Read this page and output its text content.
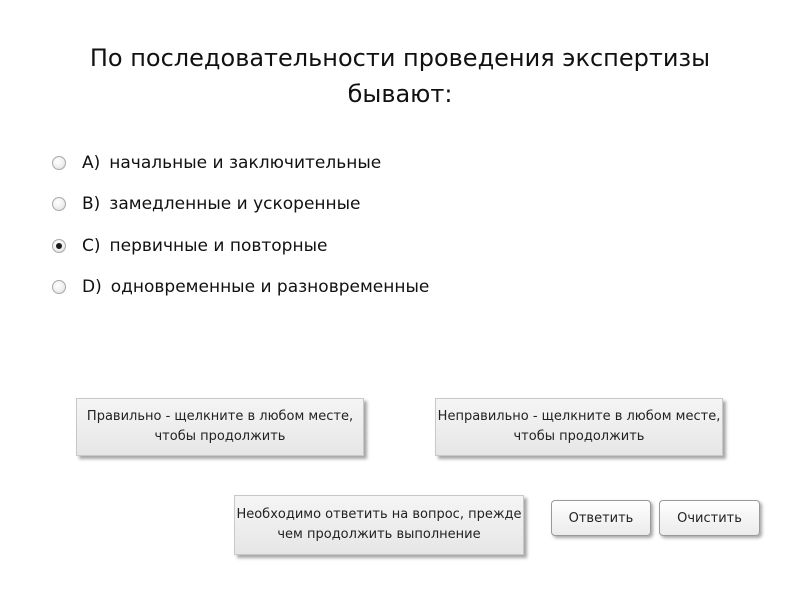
По последовательности проведения экспертизы бывают:
A) начальные и заключительные
B) замедленные и ускоренные
C) первичные и повторные
D) одновременные и разновременные
Правильно - щелкните в любом месте, чтобы продолжить
Неправильно - щелкните в любом месте, чтобы продолжить
Необходимо ответить на вопрос, прежде чем продолжить выполнение
Ответить	Очистить
